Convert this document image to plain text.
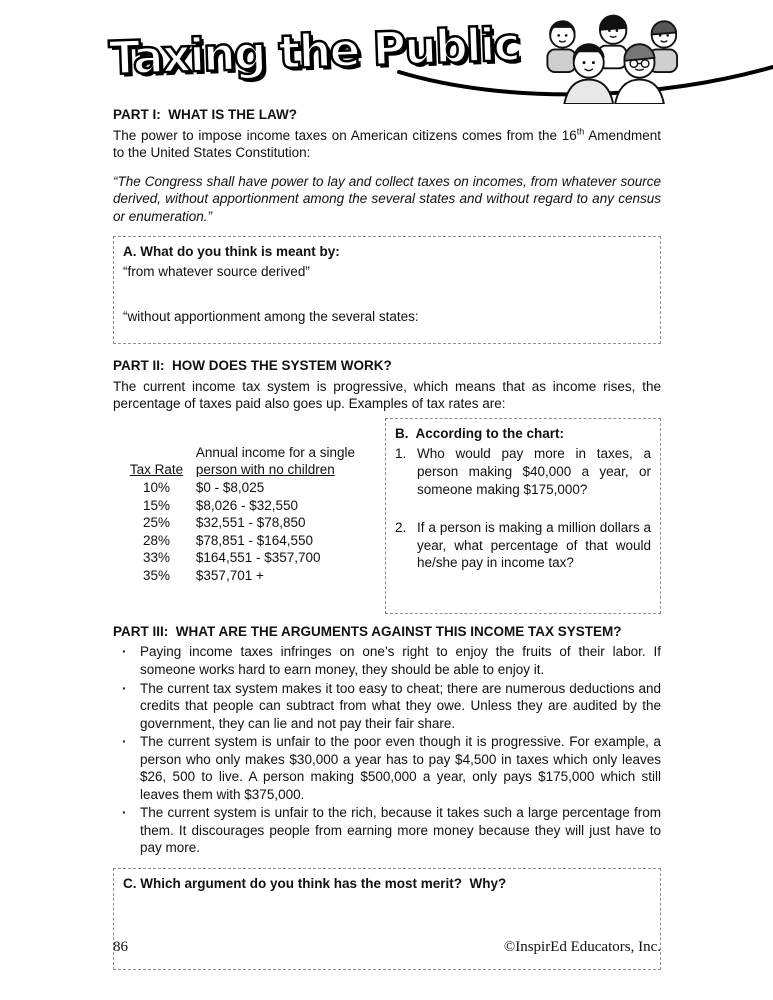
Taxing the Public
PART I:  WHAT IS THE LAW?

The power to impose income taxes on American citizens comes from the 16th Amendment to the United States Constitution:

“The Congress shall have power to lay and collect taxes on incomes, from whatever source derived, without apportionment among the several states and without regard to any census or enumeration.”

A. What do you think is meant by:
“from whatever source derived”
“without apportionment among the several states:
PART II:  HOW DOES THE SYSTEM WORK?

The current income tax system is progressive, which means that as income rises, the percentage of taxes paid also goes up. Examples of tax rates are:

Annual income for a single
Tax Rate person with no children
10%	$0 - $8,025
15%	$8,026 - $32,550
25%	$32,551 - $78,850
28%	$78,851 - $164,550
33%	$164,551 - $357,700
35%	$357,701 +
B.  According to the chart:
1. Who would pay more in taxes, a person making $40,000 a year, or someone making $175,000?
2. If a person is making a million dollars a year, what percentage of that would he/she pay in income tax?
PART III:  WHAT ARE THE ARGUMENTS AGAINST THIS INCOME TAX SYSTEM?
·	Paying income taxes infringes on one’s right to enjoy the fruits of their labor. If someone works hard to earn money, they should be able to enjoy it.
·	The current tax system makes it too easy to cheat; there are numerous deductions and credits that people can subtract from what they owe. Unless they are audited by the government, they can lie and not pay their fair share.
·	The current system is unfair to the poor even though it is progressive. For example, a person who only makes $30,000 a year has to pay $4,500 in taxes which only leaves $26, 500 to live. A person making $500,000 a year, only pays $175,000 which still leaves them with $375,000.
·	The current system is unfair to the rich, because it takes such a large percentage from them. It discourages people from earning more money because they will just have to pay more.
C. Which argument do you think has the most merit?  Why?
86	©InspirEd Educators, Inc.
